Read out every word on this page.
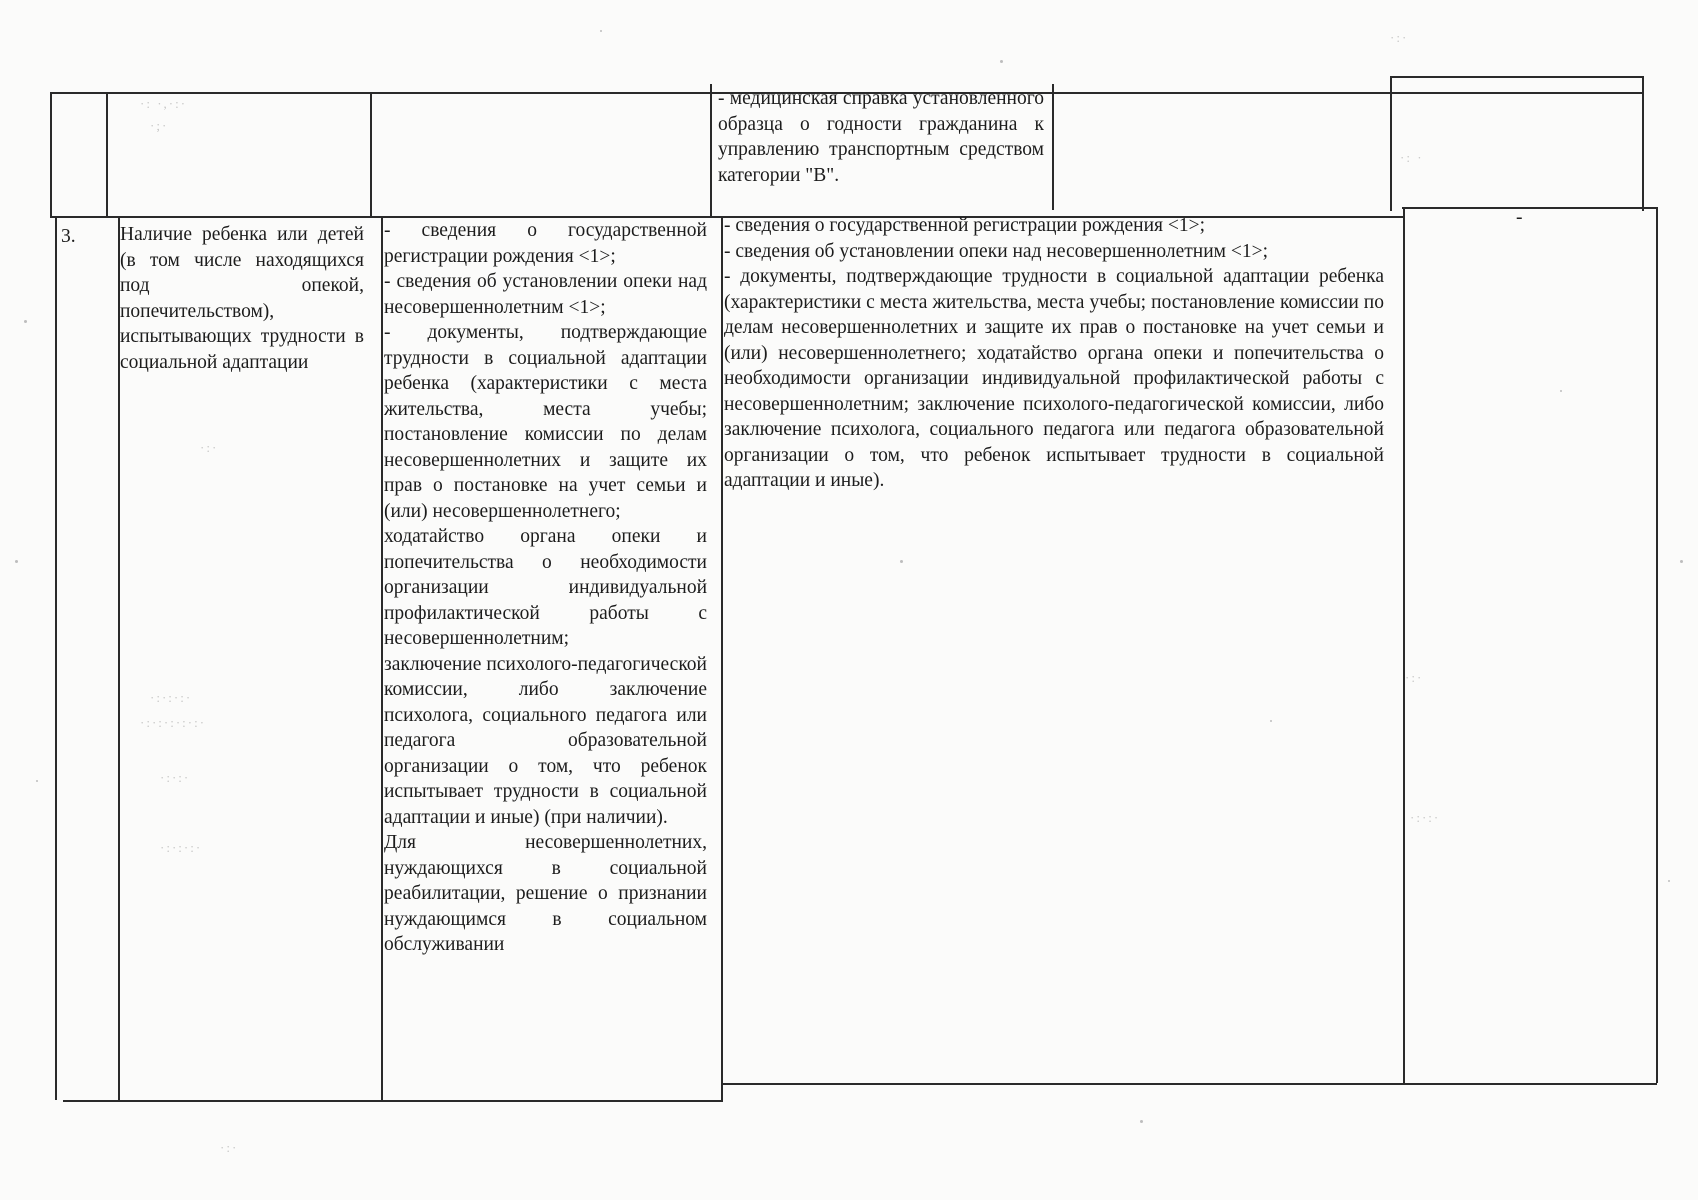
- медицинская справка установленного образца о годности гражданина к управлению транспортным средством категории "В".
3.	Наличие ребенка или детей (в том числе находящихся под опекой, попечительством), испытывающих трудности в социальной адаптации
- сведения о государственной регистрации рождения <1>;
- сведения об установлении опеки над несовершеннолетним <1>;
- документы, подтверждающие трудности в социальной адаптации ребенка (характеристики с места жительства, места учебы; постановление комиссии по делам несовершеннолетних и защите их прав о постановке на учет семьи и (или) несовершеннолетнего;
ходатайство органа опеки и попечительства о необходимости организации индивидуальной профилактической работы с несовершеннолетним;
заключение психолого-педагогической комиссии, либо заключение психолога, социального педагога или педагога образовательной организации о том, что ребенок испытывает трудности в социальной адаптации и иные) (при наличии).
Для несовершеннолетних, нуждающихся в социальной реабилитации, решение о признании нуждающимся в социальном обслуживании
- сведения о государственной регистрации рождения <1>;
- сведения об установлении опеки над несовершеннолетним <1>;
- документы, подтверждающие трудности в социальной адаптации ребенка (характеристики с места жительства, места учебы; постановление комиссии по делам несовершеннолетних и защите их прав о постановке на учет семьи и (или) несовершеннолетнего; ходатайство органа опеки и попечительства о необходимости организации индивидуальной профилактической работы с несовершеннолетним; заключение психолого-педагогической комиссии, либо заключение психолога, социального педагога или педагога образовательной организации о том, что ребенок испытывает трудности в социальной адаптации и иные).
-
·: ·,·:·
·;·
·:·
·:·:·:·
·:·:·:·:·:·
·:·:·
·:·:·:·
·: ·
·:·
·:·:·
·:·
·:·
